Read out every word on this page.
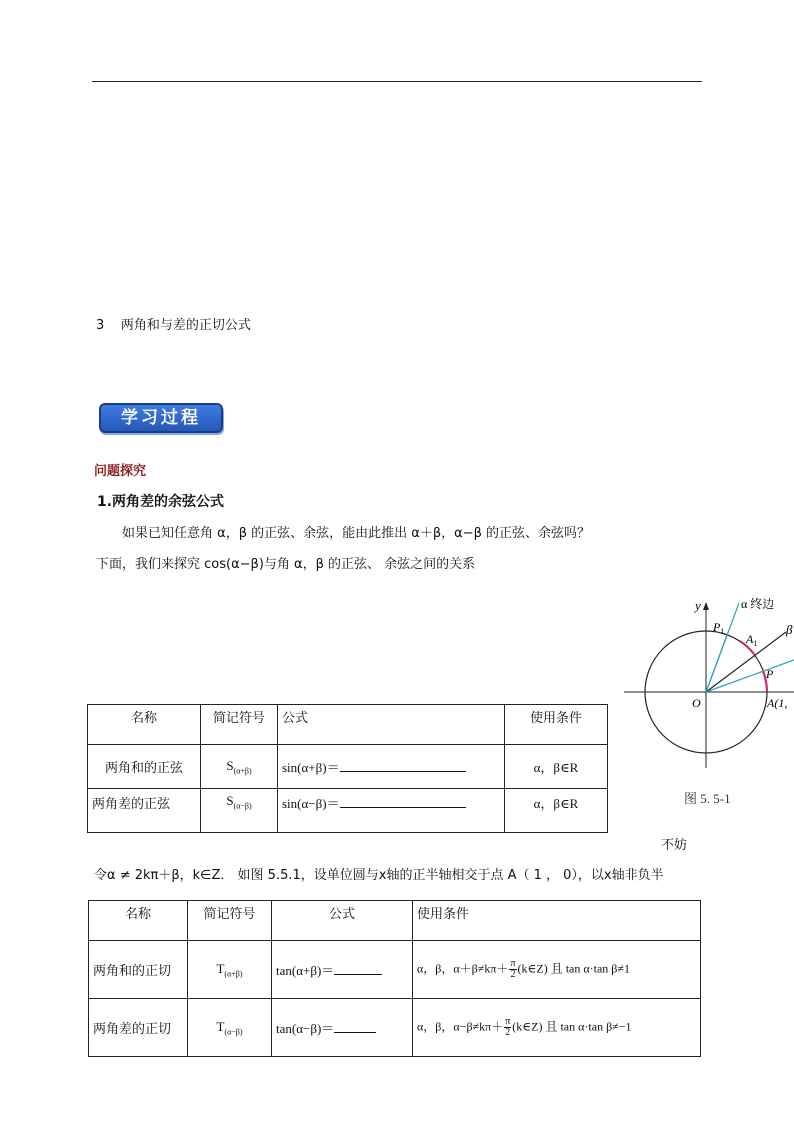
3 两角和与差的正切公式
学习过程
问题探究
1.两角差的余弦公式
如果已知任意角 α，β 的正弦、余弦，能由此推出 α＋β，α−β 的正弦、余弦吗？
下面，我们来探究 cos(α−β)与角 α，β 的正弦、 余弦之间的关系
名称	简记符号	公式	使用条件
两角和的正弦	$S_{(\alpha+\beta)}$	sin(α+β)＝	α，β∈R
两角差的正弦	$S_{(\alpha-\beta)}$	sin(α−β)＝	α，β∈R
y	α 终边
β
$P_1$
$A_1$
P
O	A(1,
图 5. 5-1
不妨
令α ≠ 2kπ＋β，k∈Z． 如图 5.5.1，设单位圆与x轴的正半轴相交于点 A（ 1 ， 0），以x轴非负半
名称	简记符号	公式	使用条件
两角和的正切	$T_{(\alpha+\beta)}$	tan(α+β)＝	α，β，$\alpha+\beta\ne k\pi+ \frac{\pi}{2}$ (k∈Z) 且 tan α·tan β≠1
两角差的正切	$T_{(\alpha-\beta)}$	tan(α−β)＝	α，β，$\alpha-\beta\ne k\pi+ \frac{\pi}{2}$ (k∈Z) 且 tan α·tan β≠−1
